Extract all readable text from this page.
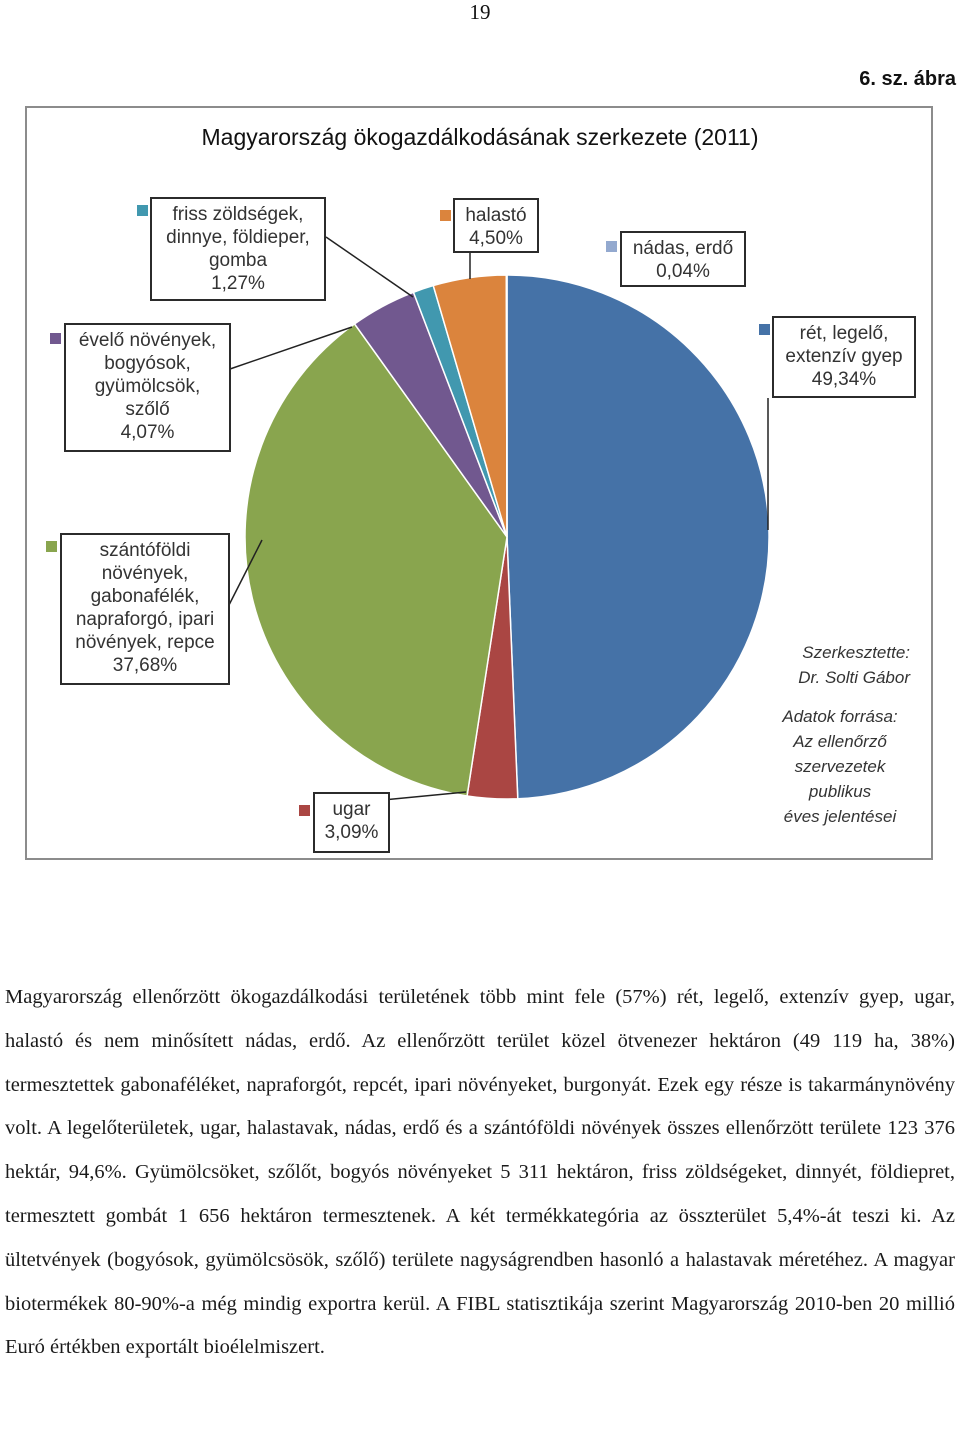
19
6. sz. ábra
Magyarország ökogazdálkodásának szerkezete (2011)
friss zöldségek,
dinnye, földieper,
gomba
1,27%
halastó
4,50%	nádas, erdő
0,04%
rét, legelő,
extenzív gyep
49,34%
évelő növények,
bogyósok,
gyümölcsök,
szőlő
4,07%
szántóföldi
növények,
gabonafélék,
napraforgó, ipari
növények, repce
37,68%
ugar
3,09%
Szerkesztette:
Dr. Solti Gábor
Adatok forrása:
Az ellenőrző
szervezetek
publikus
éves jelentései
Magyarország ellenőrzött ökogazdálkodási területének több mint fele (57%) rét, legelő, extenzív gyep, ugar, halastó és nem minősített nádas, erdő. Az ellenőrzött terület közel ötvenezer hektáron (49 119 ha, 38%) termesztettek gabonaféléket, napraforgót, repcét, ipari növényeket, burgonyát. Ezek egy része is takarmánynövény volt. A legelőterületek, ugar, halastavak, nádas, erdő és a szántóföldi növények összes ellenőrzött területe 123 376 hektár, 94,6%. Gyümölcsöket, szőlőt, bogyós növényeket 5 311 hektáron, friss zöldségeket, dinnyét, földiepret, termesztett gombát 1 656 hektáron termesztenek. A két termékkategória az összterület 5,4%-át teszi ki. Az ültetvények (bogyósok, gyümölcsösök, szőlő) területe nagyságrendben hasonló a halastavak méretéhez. A magyar biotermékek 80-90%-a még mindig exportra kerül. A FIBL statisztikája szerint Magyarország 2010-ben 20 millió Euró értékben exportált bioélelmiszert.
